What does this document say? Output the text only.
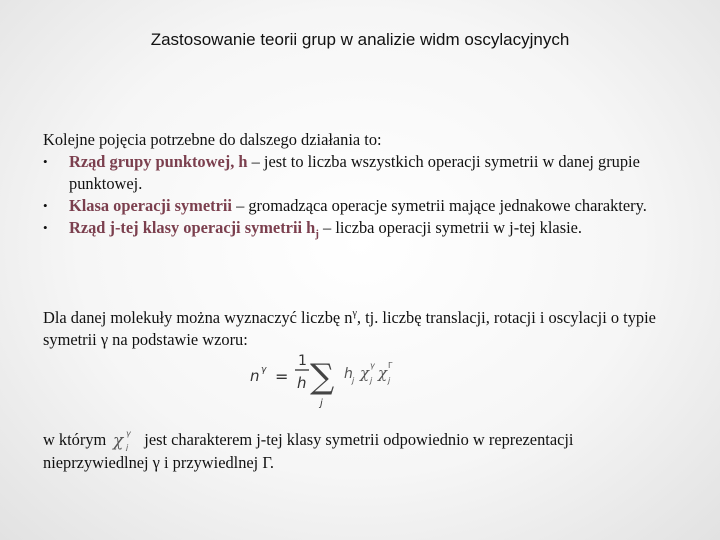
Zastosowanie teorii grup w analizie widm oscylacyjnych

Kolejne pojęcia potrzebne do dalszego działania to:

• Rząd grupy punktowej, h – jest to liczba wszystkich operacji symetrii w danej grupie punktowej.
• Klasa operacji symetrii – gromadząca operacje symetrii mające jednakowe charaktery.
• Rząd j-tej klasy operacji symetrii $h_j$ – liczba operacji symetrii w j-tej klasie.

Dla danej molekuły można wyznaczyć liczbę $n^\gamma$, tj. liczbę translacji, rotacji i oscylacji o typie symetrii γ na podstawie wzoru:

n γ =
1
h ∑
j
h j χ γ
j χ Γ
j

w którym χ γ
j jest charakterem j-tej klasy symetrii odpowiednio w reprezentacji nieprzywiedlnej γ i przywiedlnej Γ.
